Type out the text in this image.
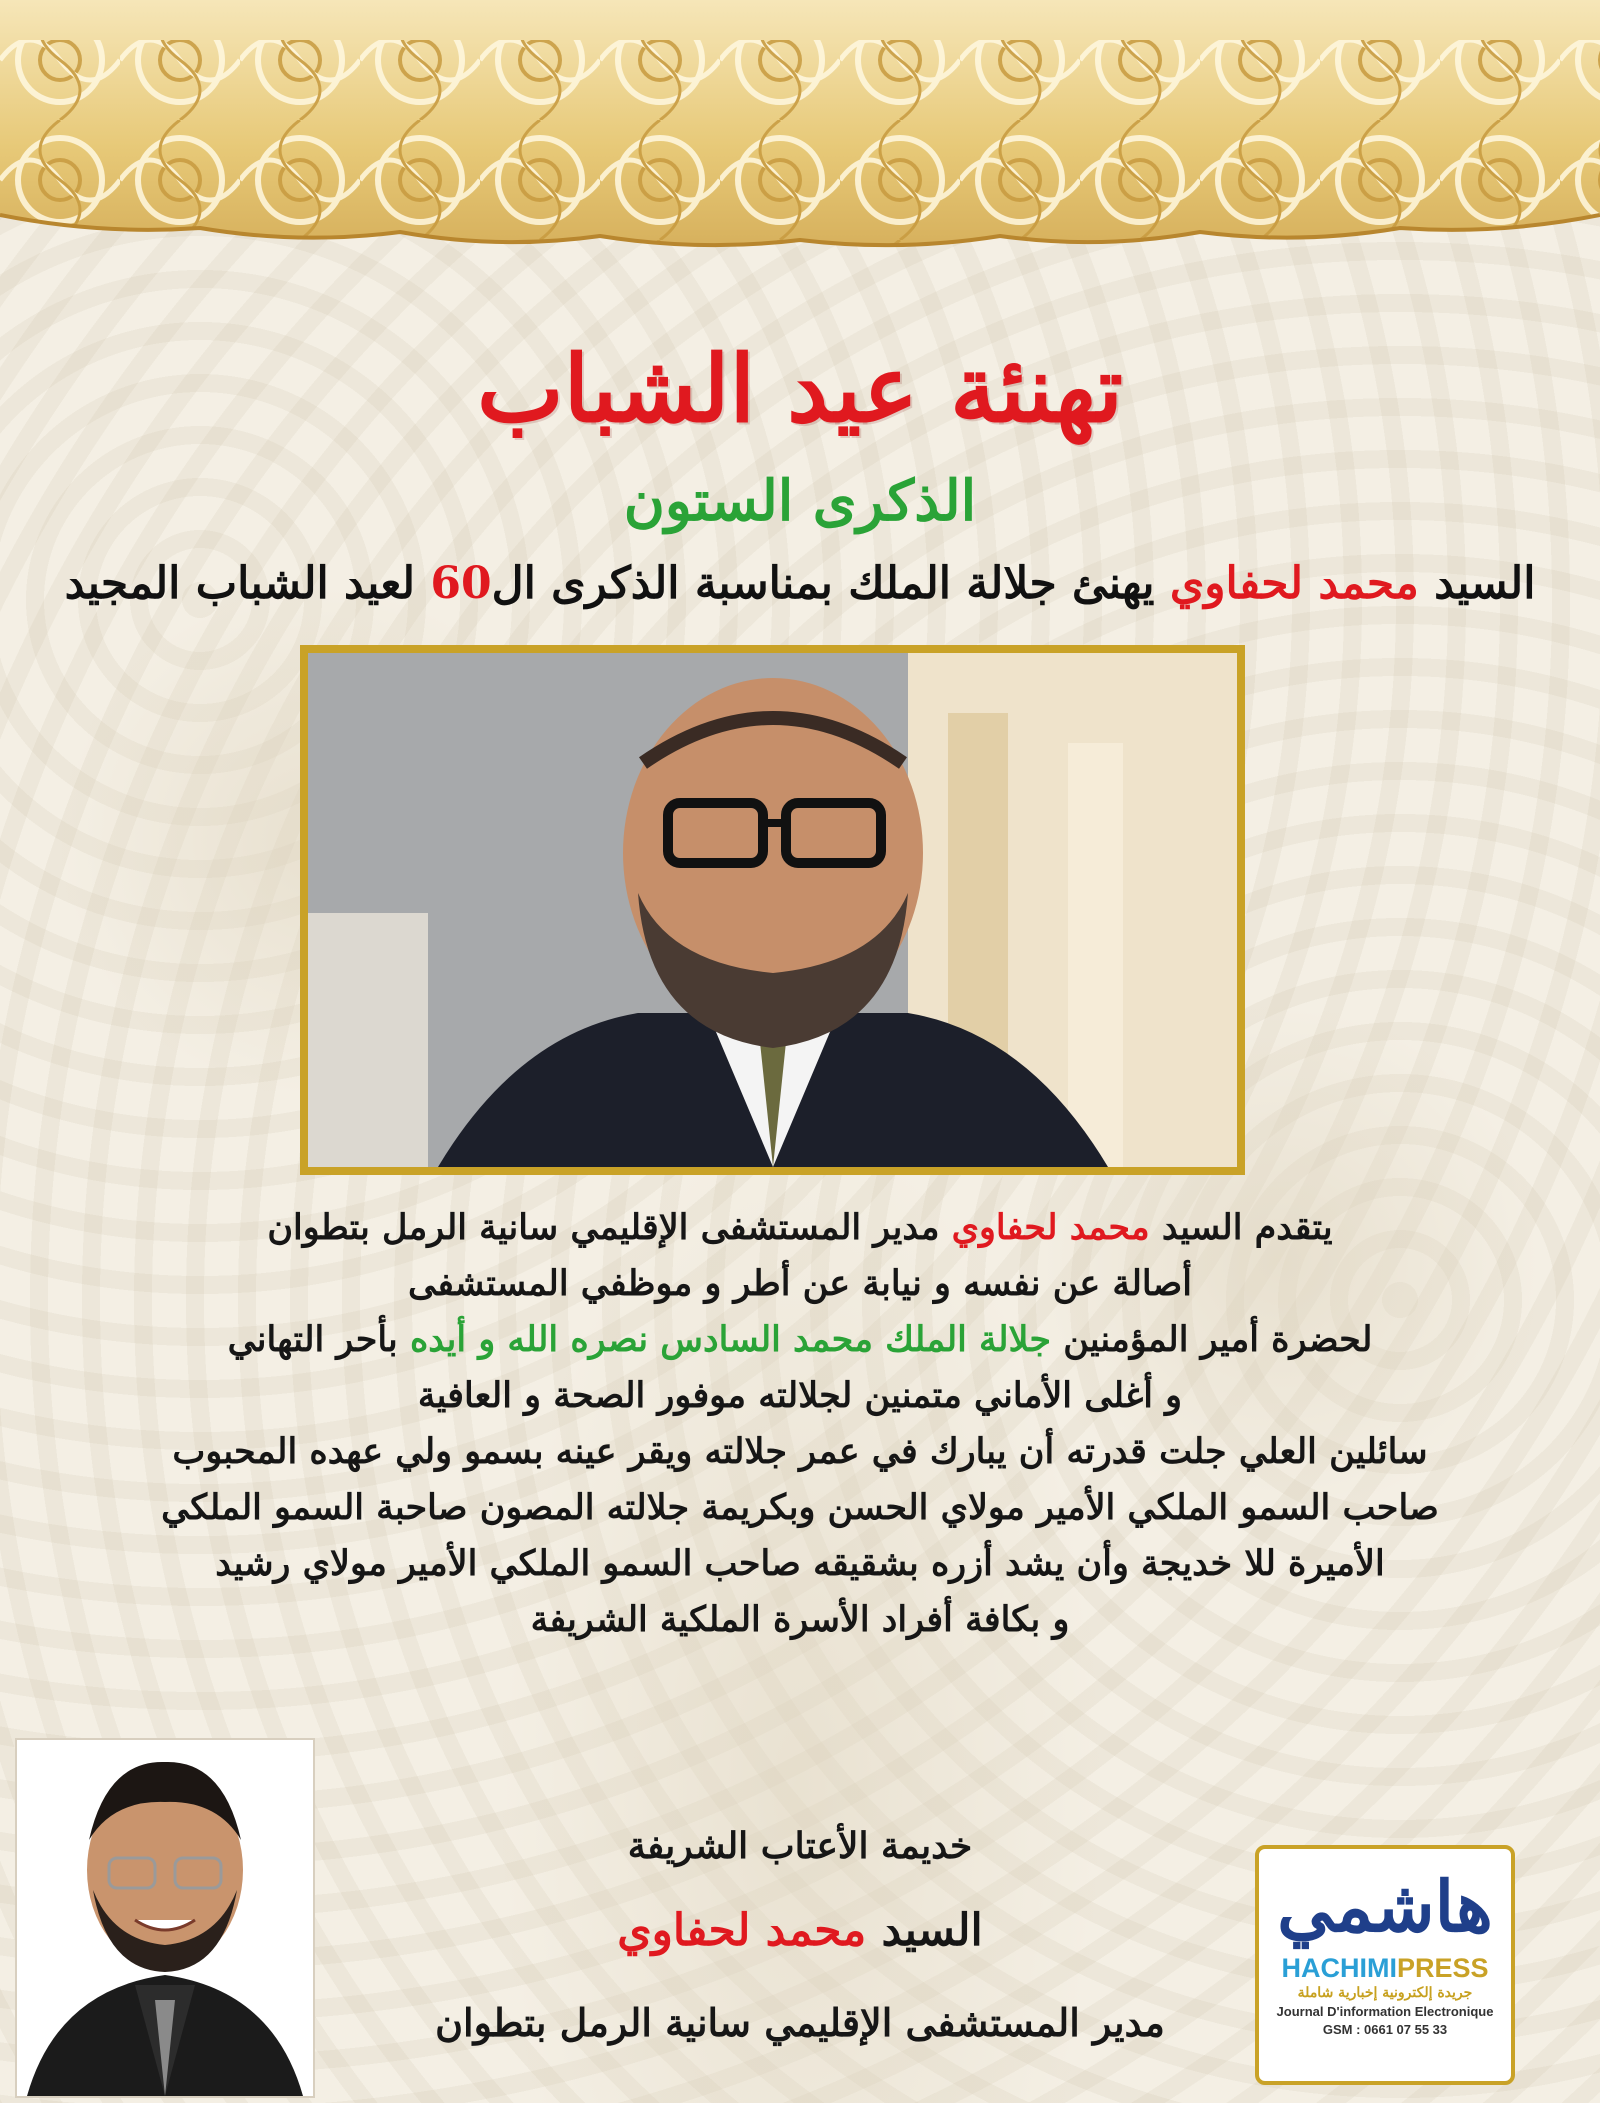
تهنئة عيد الشباب
الذكرى الستون
السيد محمد لحفاوي يهنئ جلالة الملك بمناسبة الذكرى ال60 لعيد الشباب المجيد
يتقدم السيد محمد لحفاوي مدير المستشفى الإقليمي سانية الرمل بتطوان
أصالة عن نفسه و نيابة عن أطر و موظفي المستشفى
لحضرة أمير المؤمنين جلالة الملك محمد السادس نصره الله و أيده بأحر التهاني
و أغلى الأماني متمنين لجلالته موفور الصحة و العافية
سائلين العلي جلت قدرته أن يبارك في عمر جلالته ويقر عينه بسمو ولي عهده المحبوب
صاحب السمو الملكي الأمير مولاي الحسن وبكريمة جلالته المصون صاحبة السمو الملكي
الأميرة للا خديجة وأن يشد أزره بشقيقه صاحب السمو الملكي الأمير مولاي رشيد
و بكافة أفراد الأسرة الملكية الشريفة
خديمة الأعتاب الشريفة
السيد محمد لحفاوي
مدير المستشفى الإقليمي سانية الرمل بتطوان
هاشمي
HACHIMIPRESS
جريدة إلكترونية إخبارية شاملة
Journal D'information Electronique
GSM : 0661 07 55 33
